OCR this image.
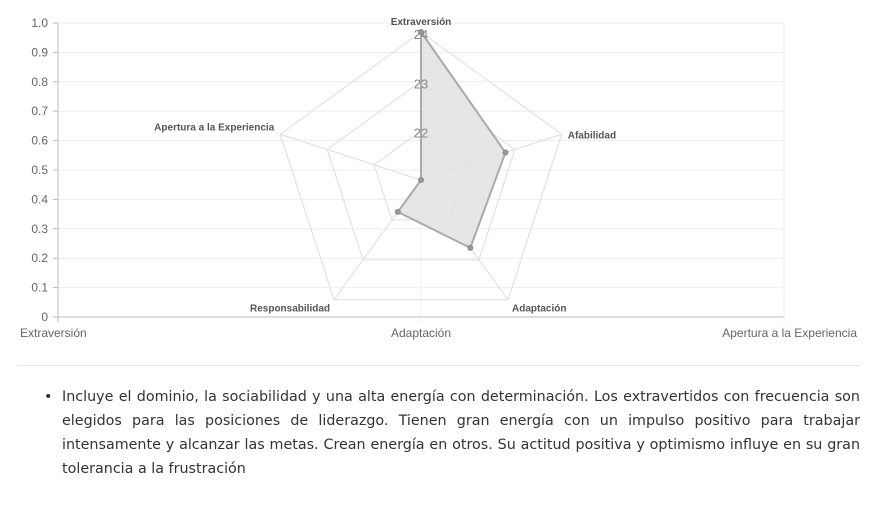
0
0.1
0.2
0.3
0.4
0.5
0.6
0.7
0.8
0.9
1.0
Extraversión	Adaptación	Apertura a la Experiencia
22
23
24
Extraversión
Afabilidad
Adaptación
Responsabilidad
Apertura a la Experiencia
• Incluye el dominio, la sociabilidad y una alta energía con determinación. Los extravertidos con frecuencia son elegidos para las posiciones de liderazgo. Tienen gran energía con un impulso positivo para trabajar intensamente y alcanzar las metas. Crean energía en otros. Su actitud positiva y optimismo influye en su gran tolerancia a la frustración
